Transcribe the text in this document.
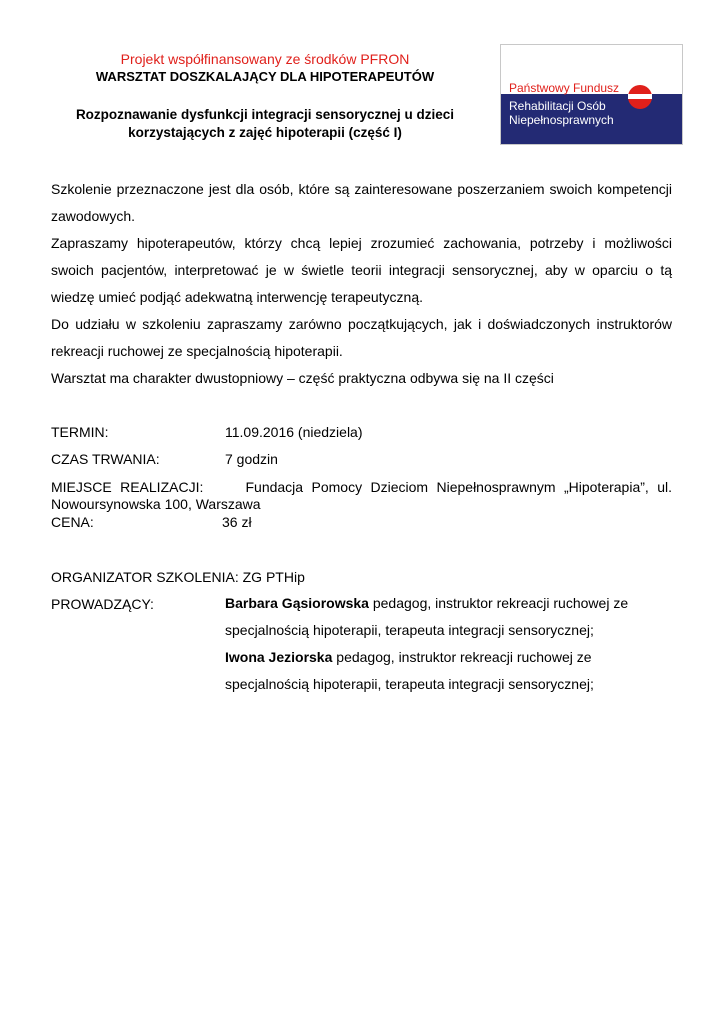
Projekt współfinansowany ze środków PFRON
WARSZTAT DOSZKALAJĄCY DLA HIPOTERAPEUTÓW
Rozpoznawanie dysfunkcji integracji sensorycznej u dzieci
korzystających z zajęć hipoterapii (część I)
Państwowy Fundusz
Rehabilitacji Osób
Niepełnosprawnych

Szkolenie przeznaczone jest dla osób, które są zainteresowane poszerzaniem swoich kompetencji zawodowych.

Zapraszamy hipoterapeutów, którzy chcą lepiej zrozumieć zachowania, potrzeby i możliwości swoich pacjentów, interpretować je w świetle teorii integracji sensorycznej, aby w oparciu o tą wiedzę umieć podjąć adekwatną interwencję terapeutyczną.

Do udziału w szkoleniu zapraszamy zarówno początkujących, jak i doświadczonych instruktorów rekreacji ruchowej ze specjalnością hipoterapii.

Warsztat ma charakter dwustopniowy – część praktyczna odbywa się na II części

TERMIN:	11.09.2016 (niedziela)
CZAS TRWANIA:	7 godzin
MIEJSCE REALIZACJI:	Fundacja Pomocy Dzieciom Niepełnosprawnym „Hipoterapia”, ul. Nowoursynowska 100, Warszawa
CENA:	36 zł
ORGANIZATOR SZKOLENIA: ZG PTHip
PROWADZĄCY:	Barbara Gąsiorowska pedagog, instruktor rekreacji ruchowej ze
specjalnością hipoterapii, terapeuta integracji sensorycznej;
Iwona Jeziorska pedagog, instruktor rekreacji ruchowej ze
specjalnością hipoterapii, terapeuta integracji sensorycznej;
